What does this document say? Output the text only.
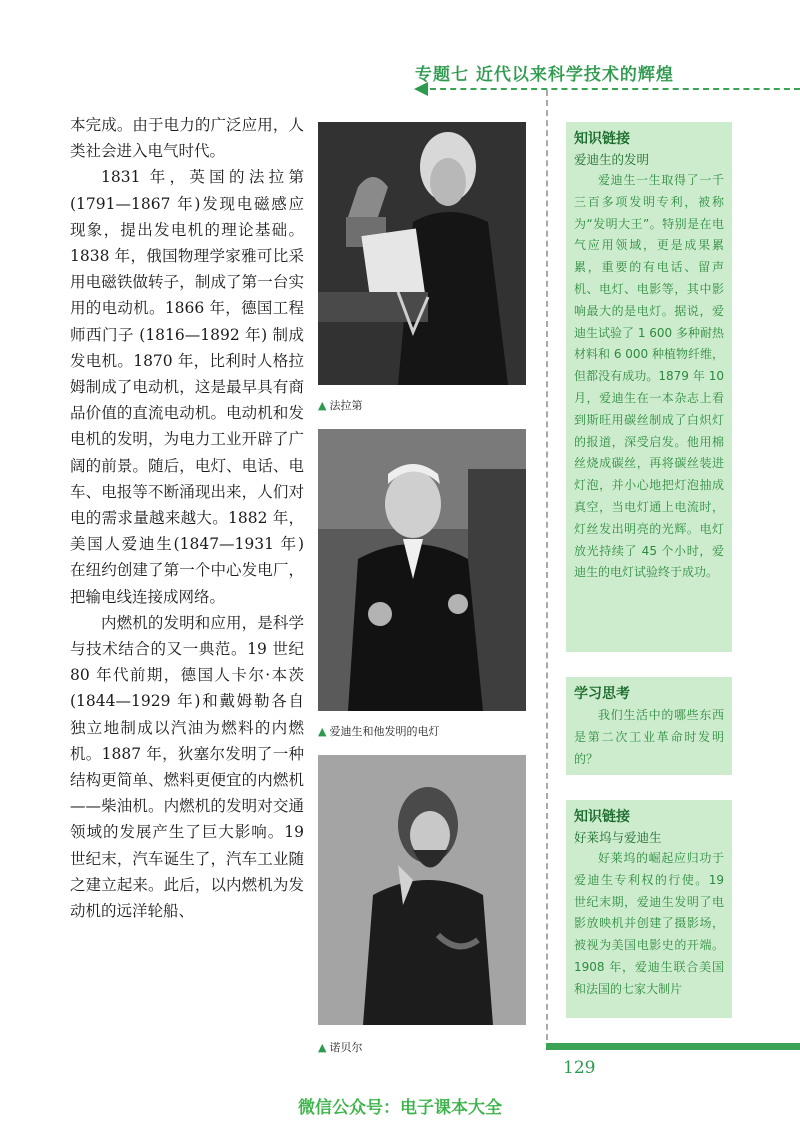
专题七 近代以来科学技术的辉煌

本完成。由于电力的广泛应用，人类社会进入电气时代。

1831 年，英国的法拉第(1791—1867 年)发现电磁感应现象，提出发电机的理论基础。1838 年，俄国物理学家雅可比采用电磁铁做转子，制成了第一台实用的电动机。1866 年，德国工程师西门子 (1816—1892 年) 制成发电机。1870 年，比利时人格拉姆制成了电动机，这是最早具有商品价值的直流电动机。电动机和发电机的发明，为电力工业开辟了广阔的前景。随后，电灯、电话、电车、电报等不断涌现出来，人们对电的需求量越来越大。1882 年，美国人爱迪生(1847—1931 年) 在纽约创建了第一个中心发电厂，把输电线连接成网络。

内燃机的发明和应用，是科学与技术结合的又一典范。19 世纪 80 年代前期，德国人卡尔·本茨(1844—1929 年)和戴姆勒各自独立地制成以汽油为燃料的内燃机。1887 年，狄塞尔发明了一种结构更简单、燃料更便宜的内燃机——柴油机。内燃机的发明对交通领域的发展产生了巨大影响。19 世纪末，汽车诞生了，汽车工业随之建立起来。此后，以内燃机为发动机的远洋轮船、

▲ 法拉第
▲ 爱迪生和他发明的电灯
▲ 诺贝尔
知识链接
爱迪生的发明

爱迪生一生取得了一千三百多项发明专利，被称为“发明大王”。特别是在电气应用领域，更是成果累累，重要的有电话、留声机、电灯、电影等，其中影响最大的是电灯。据说，爱迪生试验了 1 600 多种耐热材料和 6 000 种植物纤维，但都没有成功。1879 年 10 月，爱迪生在一本杂志上看到斯旺用碳丝制成了白炽灯的报道，深受启发。他用棉丝烧成碳丝，再将碳丝装进灯泡，并小心地把灯泡抽成真空，当电灯通上电流时，灯丝发出明亮的光辉。电灯放光持续了 45 个小时，爱迪生的电灯试验终于成功。

学习思考

我们生活中的哪些东西是第二次工业革命时发明的？

知识链接
好莱坞与爱迪生

好莱坞的崛起应归功于爱迪生专利权的行使。19 世纪末期，爱迪生发明了电影放映机并创建了摄影场，被视为美国电影史的开端。1908 年，爱迪生联合美国和法国的七家大制片

129
微信公众号：电子课本大全
